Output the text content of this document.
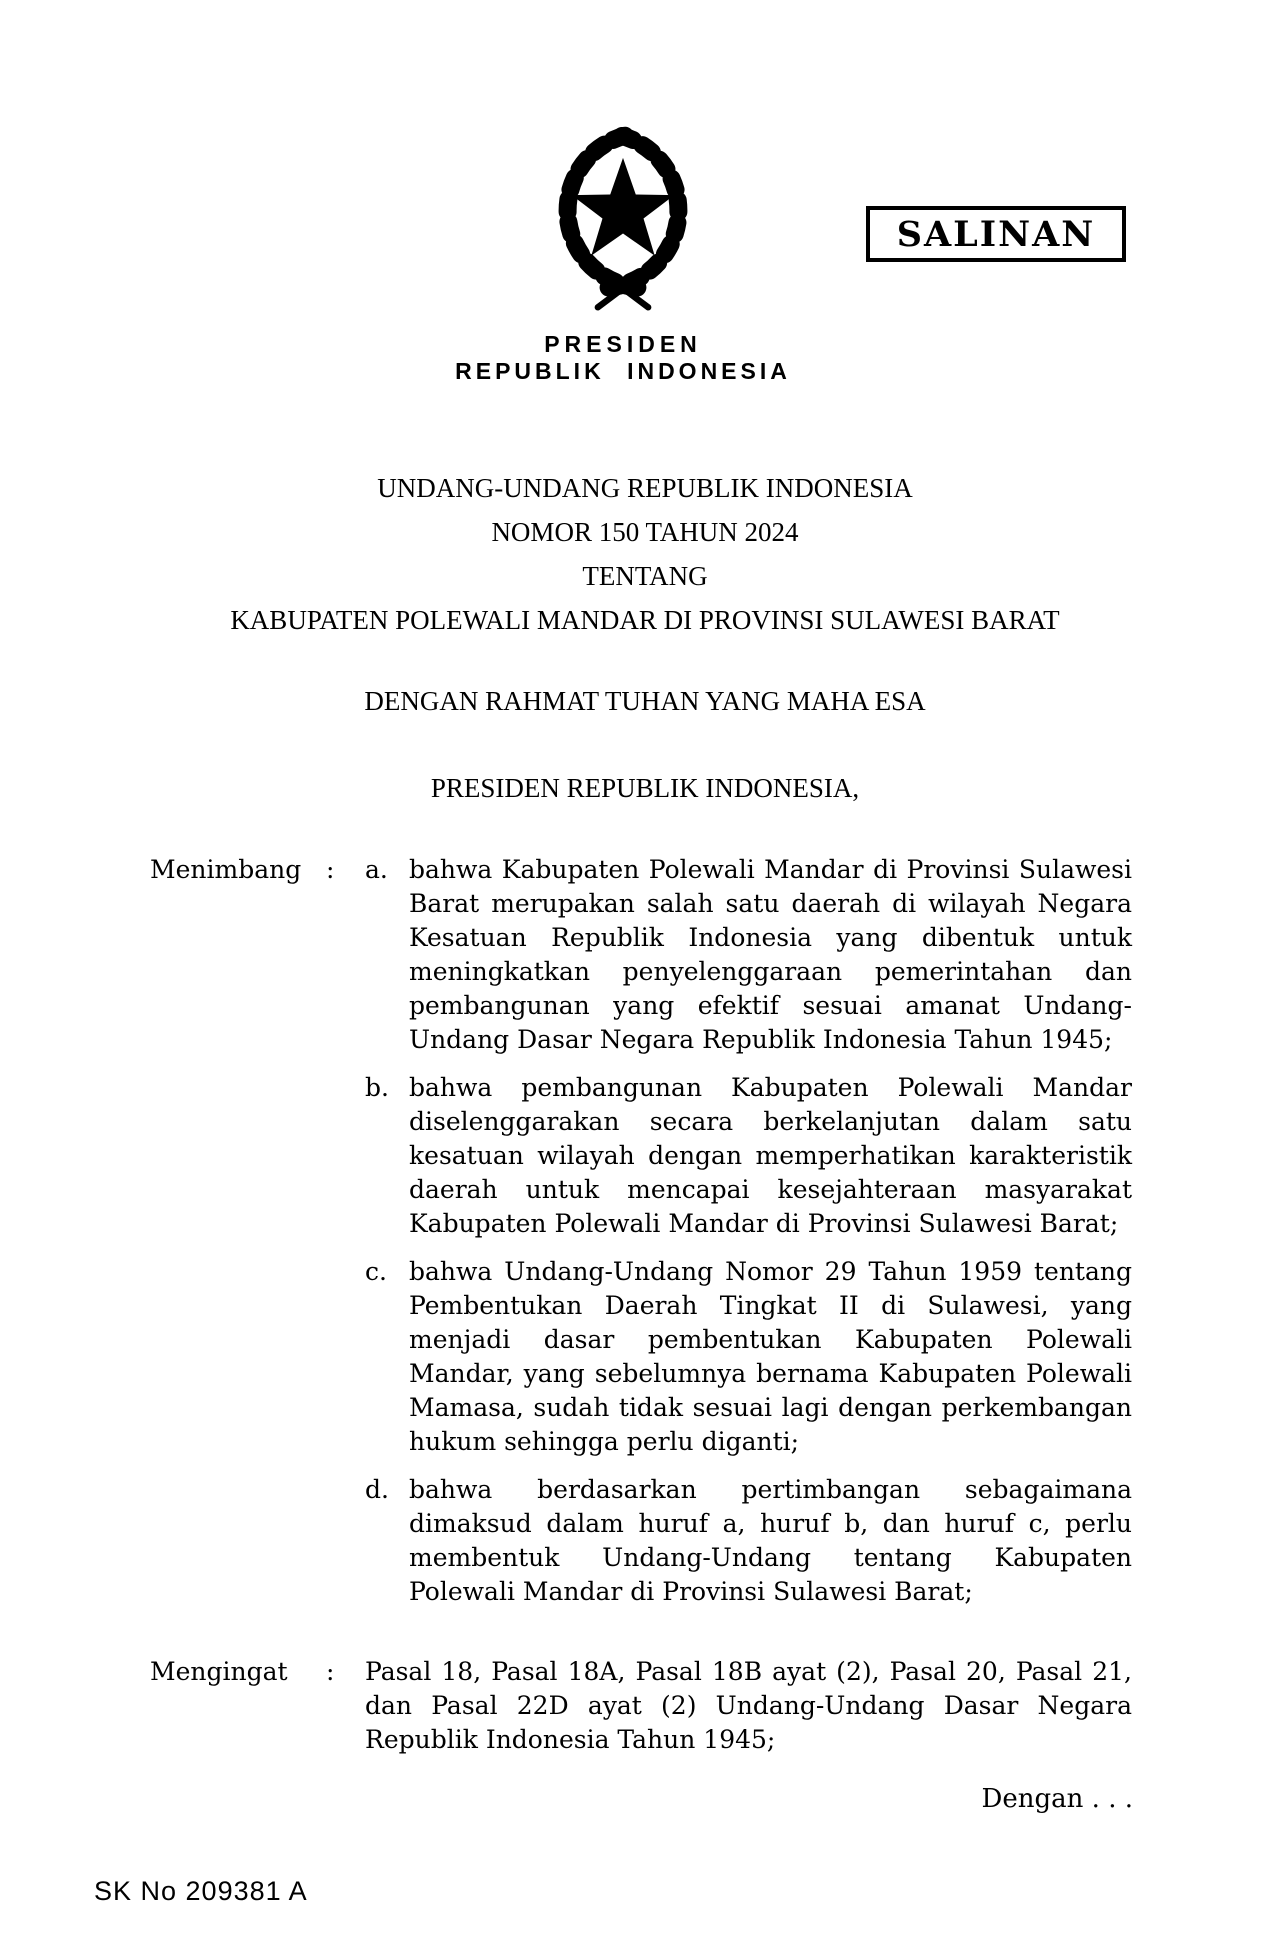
SALINAN
PRESIDEN
REPUBLIK INDONESIA
UNDANG-UNDANG REPUBLIK INDONESIA
NOMOR 150 TAHUN 2024
TENTANG
KABUPATEN POLEWALI MANDAR DI PROVINSI SULAWESI BARAT
DENGAN RAHMAT TUHAN YANG MAHA ESA
PRESIDEN REPUBLIK INDONESIA,
Menimbang :	a. bahwa Kabupaten Polewali Mandar di Provinsi Sulawesi Barat merupakan salah satu daerah di wilayah Negara Kesatuan Republik Indonesia yang dibentuk untuk meningkatkan penyelenggaraan pemerintahan dan pembangunan yang efektif sesuai amanat Undang-Undang Dasar Negara Republik Indonesia Tahun 1945;
b. bahwa pembangunan Kabupaten Polewali Mandar diselenggarakan secara berkelanjutan dalam satu kesatuan wilayah dengan memperhatikan karakteristik daerah untuk mencapai kesejahteraan masyarakat Kabupaten Polewali Mandar di Provinsi Sulawesi Barat;
c. bahwa Undang-Undang Nomor 29 Tahun 1959 tentang Pembentukan Daerah Tingkat II di Sulawesi, yang menjadi dasar pembentukan Kabupaten Polewali Mandar, yang sebelumnya bernama Kabupaten Polewali Mamasa, sudah tidak sesuai lagi dengan perkembangan hukum sehingga perlu diganti;
d. bahwa berdasarkan pertimbangan sebagaimana dimaksud dalam huruf a, huruf b, dan huruf c, perlu membentuk Undang-Undang tentang Kabupaten Polewali Mandar di Provinsi Sulawesi Barat;
Mengingat	:	Pasal 18, Pasal 18A, Pasal 18B ayat (2), Pasal 20, Pasal 21, dan Pasal 22D ayat (2) Undang-Undang Dasar Negara Republik Indonesia Tahun 1945;
Dengan . . .
SK No 209381 A
